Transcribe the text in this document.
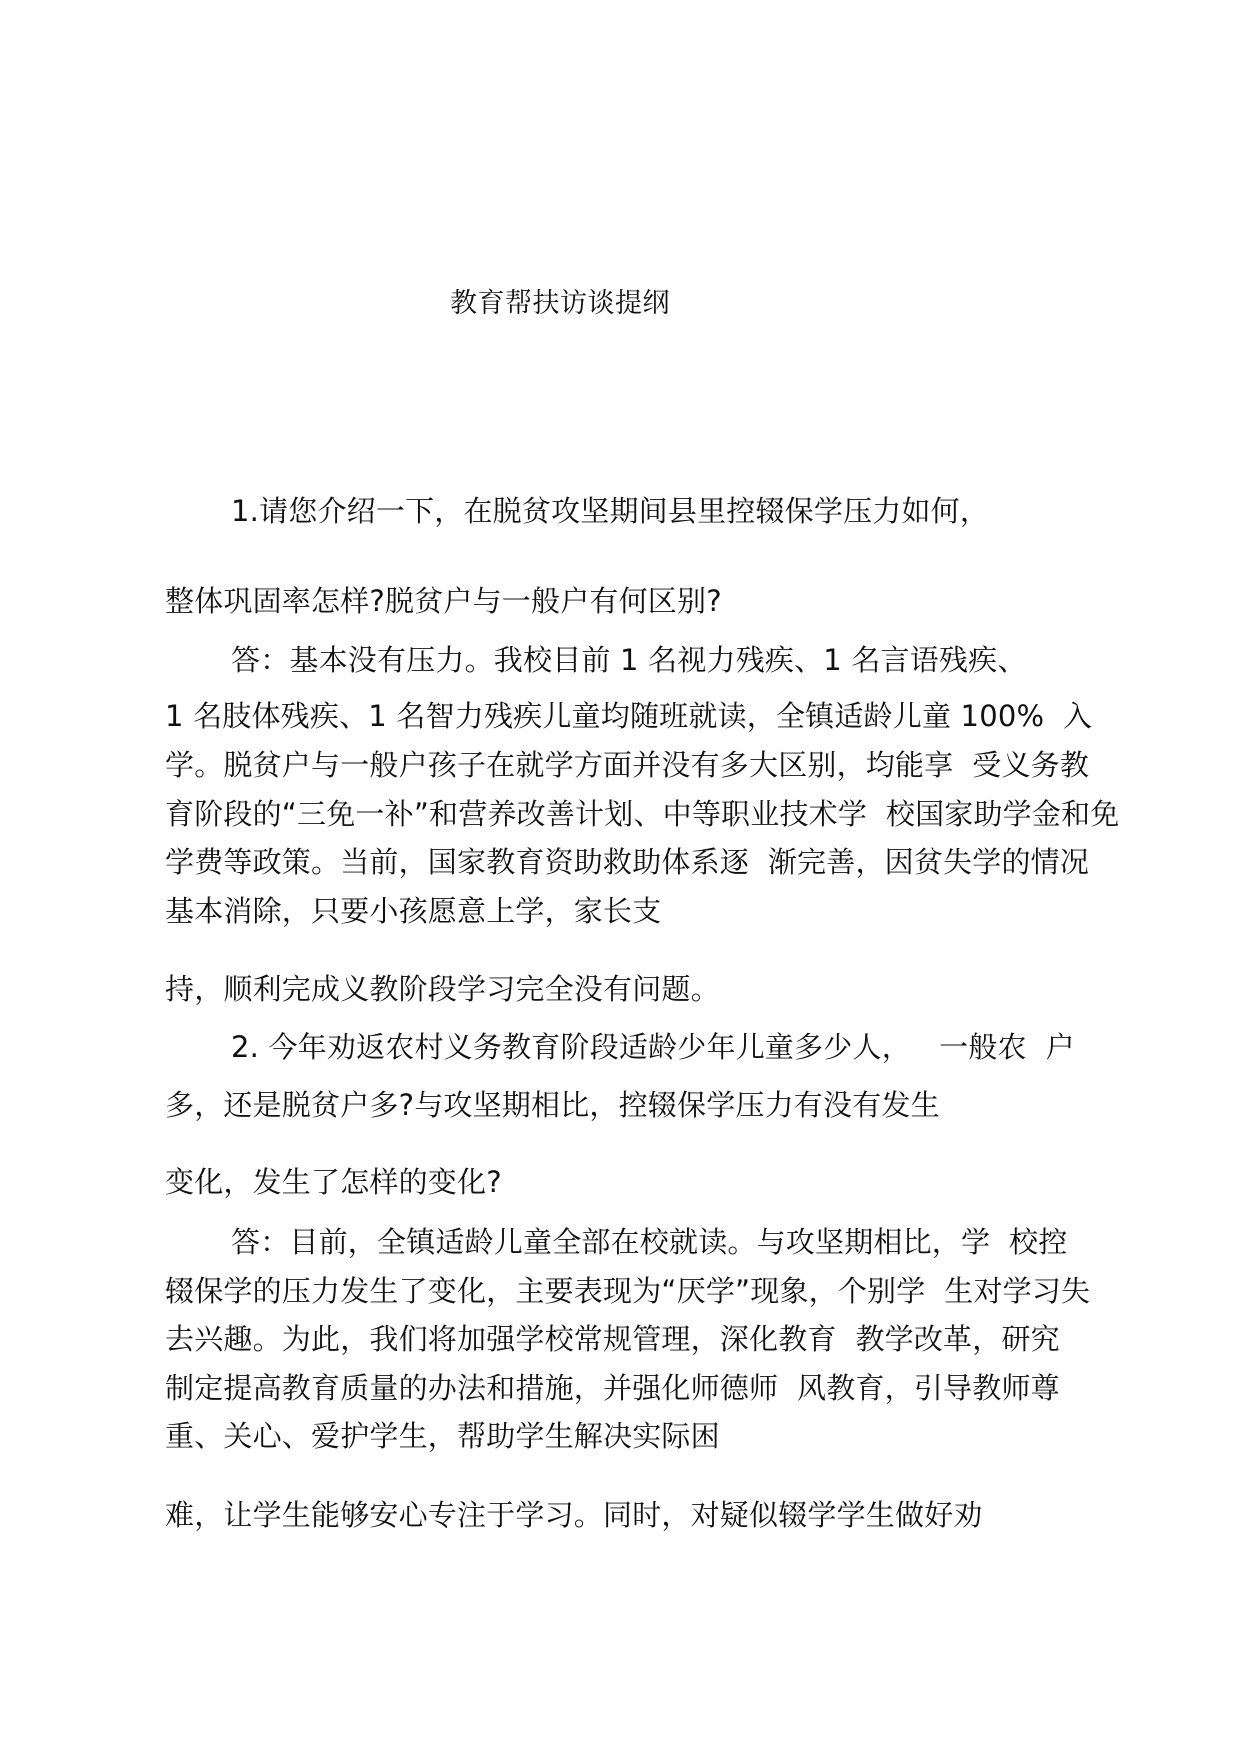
教育帮扶访谈提纲
1.请您介绍一下，在脱贫攻坚期间县里控辍保学压力如何，
整体巩固率怎样?脱贫户与一般户有何区别?
答：基本没有压力。我校目前 1 名视力残疾、1 名言语残疾、
1 名肢体残疾、1 名智力残疾儿童均随班就读，全镇适龄儿童 100%  入
学。脱贫户与一般户孩子在就学方面并没有多大区别，均能享  受义务教
育阶段的“三免一补”和营养改善计划、中等职业技术学  校国家助学金和免
学费等政策。当前，国家教育资助救助体系逐  渐完善，因贫失学的情况
基本消除，只要小孩愿意上学，家长支
持，顺利完成义教阶段学习完全没有问题。
2. 今年劝返农村义务教育阶段适龄少年儿童多少人，   一般农  户
多，还是脱贫户多?与攻坚期相比，控辍保学压力有没有发生
变化，发生了怎样的变化?
答：目前，全镇适龄儿童全部在校就读。与攻坚期相比，学  校控
辍保学的压力发生了变化，主要表现为“厌学”现象，个别学  生对学习失
去兴趣。为此，我们将加强学校常规管理，深化教育  教学改革，研究
制定提高教育质量的办法和措施，并强化师德师  风教育，引导教师尊
重、关心、爱护学生，帮助学生解决实际困
难，让学生能够安心专注于学习。同时，对疑似辍学学生做好劝
